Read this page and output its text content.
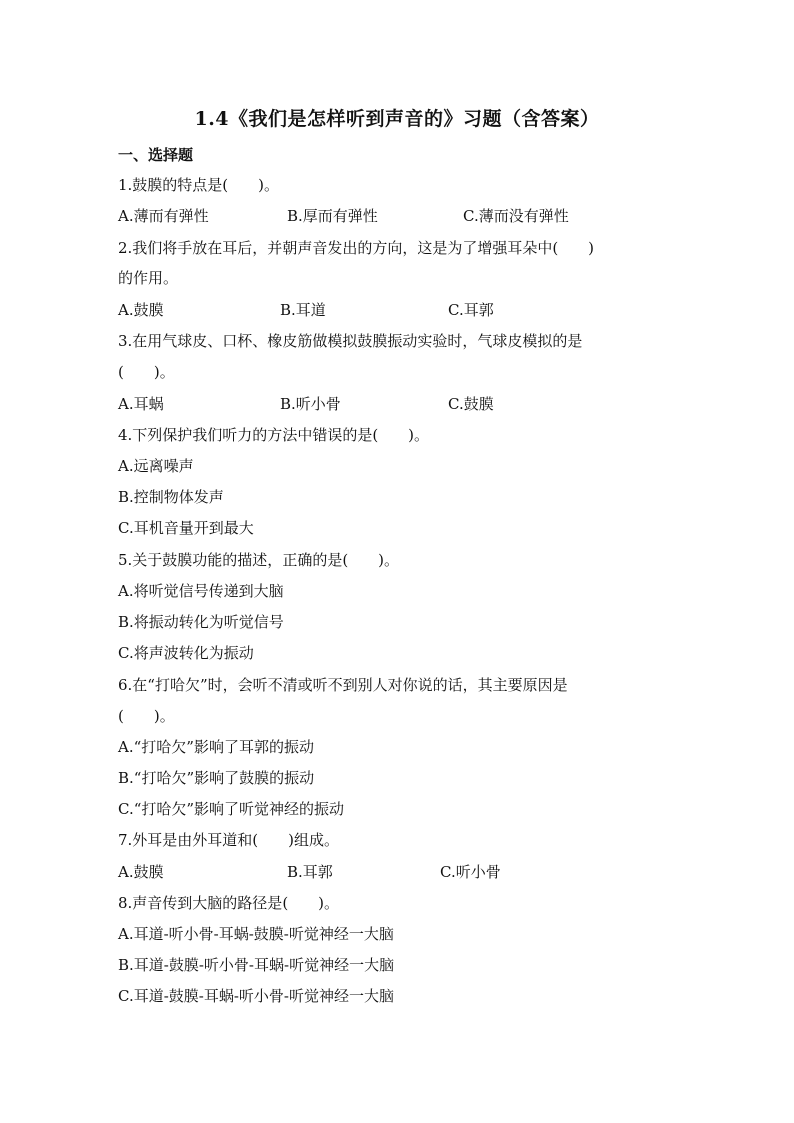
1.4《我们是怎样听到声音的》习题（含答案）
一、选择题
1.鼓膜的特点是(　　)。
A.薄而有弹性	B.厚而有弹性	C.薄而没有弹性
2.我们将手放在耳后，并朝声音发出的方向，这是为了增强耳朵中(　　)
的作用。
A.鼓膜	B.耳道	C.耳郭
3.在用气球皮、口杯、橡皮筋做模拟鼓膜振动实验时，气球皮模拟的是
(　　)。
A.耳蜗	B.听小骨	C.鼓膜
4.下列保护我们听力的方法中错误的是(　　)。
A.远离噪声
B.控制物体发声
C.耳机音量开到最大
5.关于鼓膜功能的描述，正确的是(　　)。
A.将听觉信号传递到大脑
B.将振动转化为听觉信号
C.将声波转化为振动
6.在“打哈欠”时，会听不清或听不到别人对你说的话，其主要原因是
(　　)。
A.“打哈欠”影响了耳郭的振动
B.“打哈欠”影响了鼓膜的振动
C.“打哈欠”影响了听觉神经的振动
7.外耳是由外耳道和(　　)组成。
A.鼓膜	B.耳郭	C.听小骨
8.声音传到大脑的路径是(　　)。
A.耳道-听小骨-耳蜗-鼓膜-听觉神经一大脑
B.耳道-鼓膜-听小骨-耳蜗-听觉神经一大脑
C.耳道-鼓膜-耳蜗-听小骨-听觉神经一大脑
